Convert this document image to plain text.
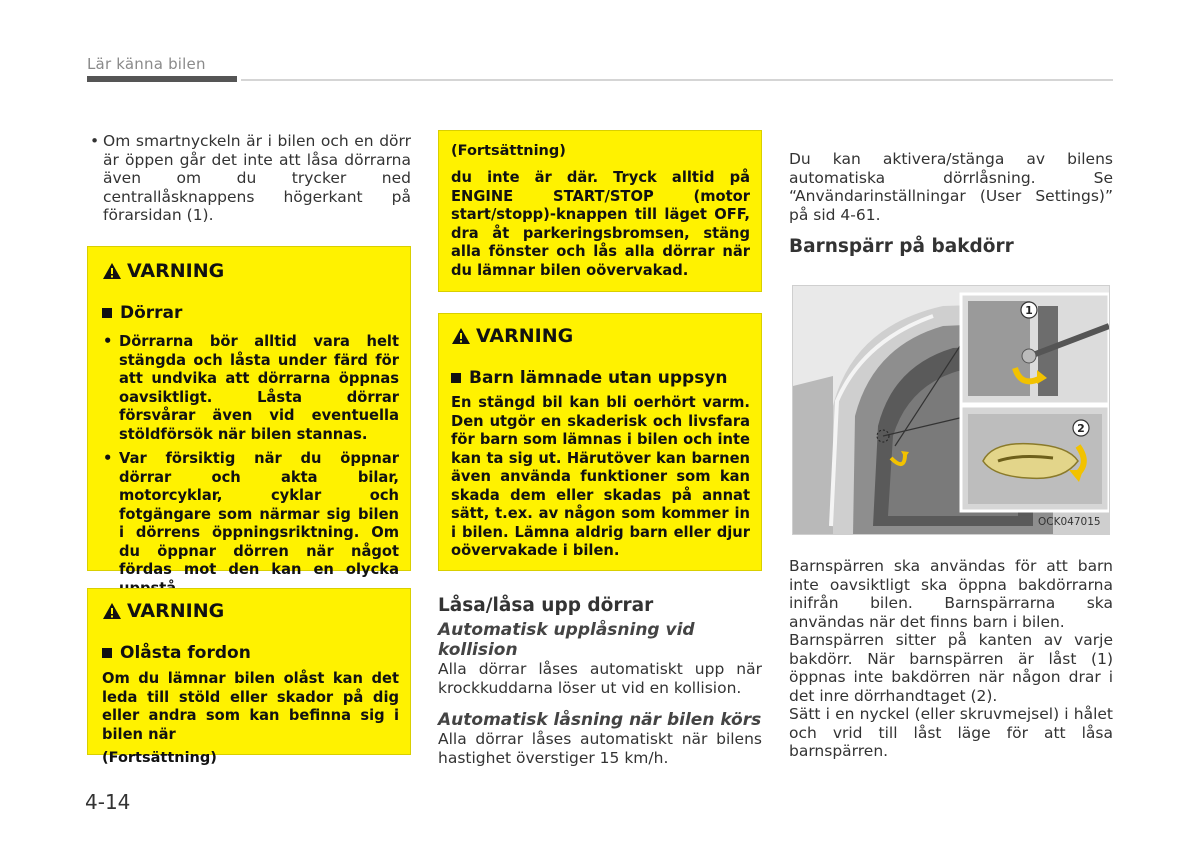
Lär känna bilen
• Om smartnyckeln är i bilen och en dörr är öppen går det inte att låsa dörrarna även om du trycker ned centrallåsknappens högerkant på förarsidan (1).
VARNING
Dörrar
• Dörrarna bör alltid vara helt stängda och låsta under färd för att undvika att dörrarna öppnas oavsiktligt. Låsta dörrar försvårar även vid eventuella stöldförsök när bilen stannas.
• Var försiktig när du öppnar dörrar och akta bilar, motorcyklar, cyklar och fotgängare som närmar sig bilen i dörrens öppningsriktning. Om du öppnar dörren när något fördas mot den kan en olycka
VARNING
Olåsta fordon
Om du lämnar bilen olåst kan det leda till stöld eller skador på dig eller andra som kan befinna sig i bilen när
(Fortsättning)
(Fortsättning)
du inte är där. Tryck alltid på ENGINE START/STOP (motor start/stopp)-knappen till läget OFF, dra åt parkeringsbromsen, stäng alla fönster och lås alla dörrar när du lämnar bilen oövervakad.
VARNING
Barn lämnade utan uppsyn
En stängd bil kan bli oerhört varm. Den utgör en skaderisk och livsfara för barn som lämnas i bilen och inte kan ta sig ut. Härutöver kan barnen även använda funktioner som kan skada dem eller skadas på annat sätt, t.ex. av någon som kommer in i bilen. Lämna aldrig barn eller djur oövervakade i bilen.
Låsa/låsa upp dörrar
Automatisk upplåsning vid kollision
Alla dörrar låses automatiskt upp när krockkuddarna löser ut vid en kollision.
Automatisk låsning när bilen körs
Alla dörrar låses automatiskt när bilens hastighet överstiger 15 km/h.
Du kan aktivera/stänga av bilens automatiska dörrlåsning. Se “Användarinställningar (User Settings)” på sid 4-61.
Barnspärr på bakdörr
1
2
OCK047015
Barnspärren ska användas för att barn inte oavsiktligt ska öppna bakdörrarna inifrån bilen. Barnspärrarna ska användas när det finns barn i bilen.
Barnspärren sitter på kanten av varje bakdörr. När barnspärren är låst (1) öppnas inte bakdörren när någon drar i det inre dörrhandtaget (2).
Sätt i en nyckel (eller skruvmejsel) i hålet och vrid till låst läge för att låsa barnspärren.
4-14
